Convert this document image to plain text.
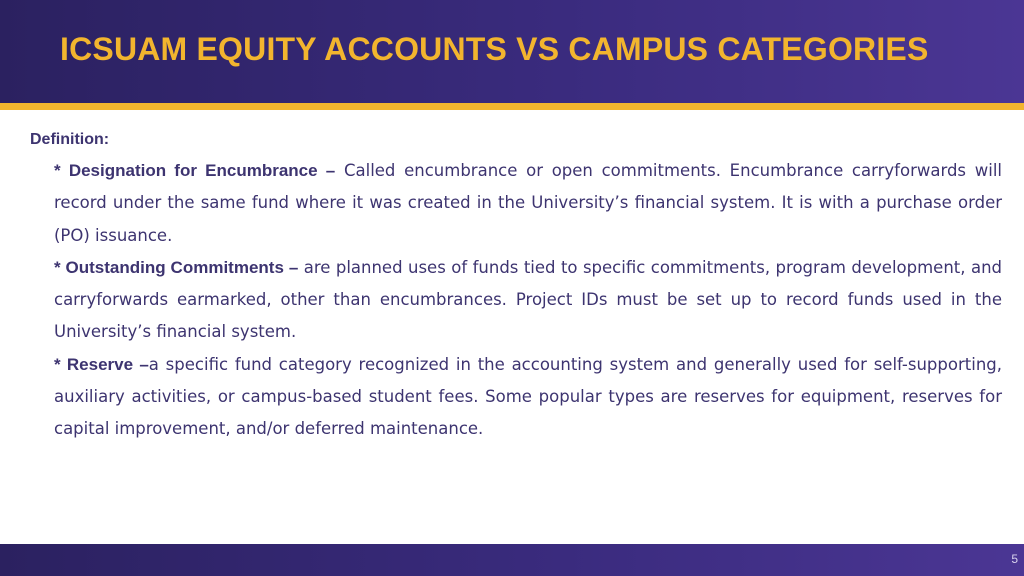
ICSUAM EQUITY ACCOUNTS VS CAMPUS CATEGORIES
Definition:

* Designation for Encumbrance – Called encumbrance or open commitments. Encumbrance carryforwards will record under the same fund where it was created in the University’s financial system. It is with a purchase order (PO) issuance.

* Outstanding Commitments – are planned uses of funds tied to specific commitments, program development, and carryforwards earmarked, other than encumbrances. Project IDs must be set up to record funds used in the University’s financial system.

* Reserve –a specific fund category recognized in the accounting system and generally used for self-supporting, auxiliary activities, or campus-based student fees. Some popular types are reserves for equipment, reserves for capital improvement, and/or deferred maintenance.

5
